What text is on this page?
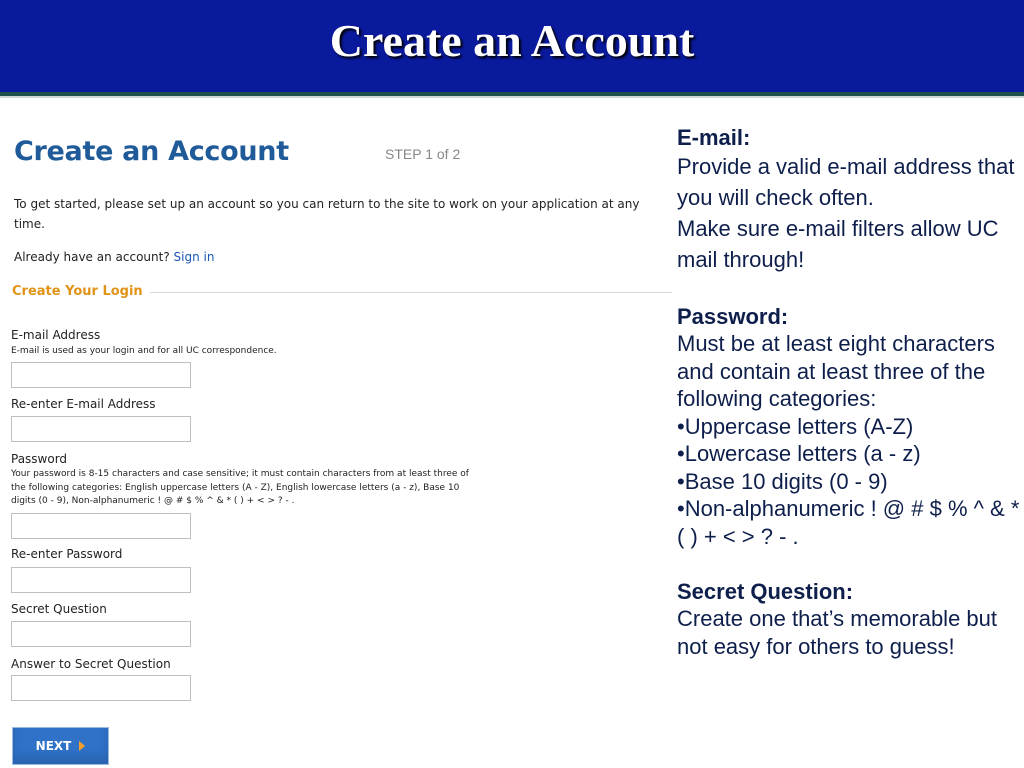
Create an Account
Create an Account	STEP 1 of 2

To get started, please set up an account so you can return to the site to work on your application at any time.

Already have an account? Sign in
Create Your Login
E-mail Address
E-mail is used as your login and for all UC correspondence.
Re-enter E-mail Address
Password
Your password is 8-15 characters and case sensitive; it must contain characters from at least three of the following categories: English uppercase letters (A - Z), English lowercase letters (a - z), Base 10 digits (0 - 9), Non-alphanumeric ! @ # $ % ^ & * ( ) + < > ? - .
Re-enter Password
Secret Question
Answer to Secret Question
NEXT
E-mail:
Provide a valid e-mail address that you will check often.
Make sure e-mail filters allow UC mail through!
Password:
Must be at least eight characters and contain at least three of the following categories:
•Uppercase letters (A-Z)
•Lowercase letters (a - z)
•Base 10 digits (0 - 9)
•Non-alphanumeric ! @ # $ % ^ & * ( ) + < > ? - .
Secret Question:
Create one that’s memorable but not easy for others to guess!
